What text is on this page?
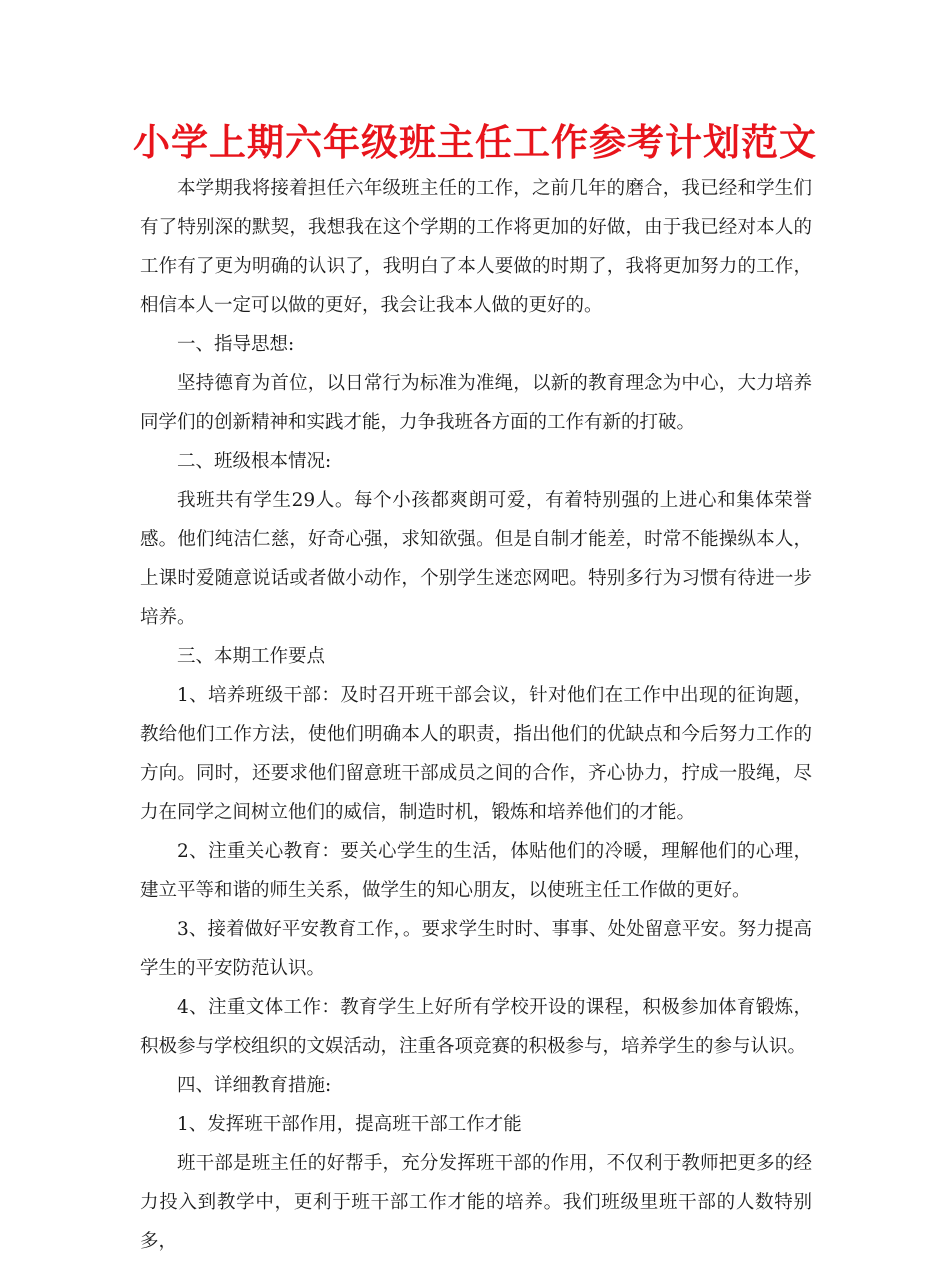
小学上期六年级班主任工作参考计划范文

本学期我将接着担任六年级班主任的工作，之前几年的磨合，我已经和学生们有了特别深的默契，我想我在这个学期的工作将更加的好做，由于我已经对本人的工作有了更为明确的认识了，我明白了本人要做的时期了，我将更加努力的工作，相信本人一定可以做的更好，我会让我本人做的更好的。

一、指导思想:

坚持德育为首位，以日常行为标准为准绳，以新的教育理念为中心，大力培养同学们的创新精神和实践才能，力争我班各方面的工作有新的打破。

二、班级根本情况:

我班共有学生29人。每个小孩都爽朗可爱，有着特别强的上进心和集体荣誉感。他们纯洁仁慈，好奇心强，求知欲强。但是自制才能差，时常不能操纵本人，上课时爱随意说话或者做小动作，个别学生迷恋网吧。特别多行为习惯有待进一步培养。

三、本期工作要点

1、培养班级干部：及时召开班干部会议，针对他们在工作中出现的征询题，教给他们工作方法，使他们明确本人的职责，指出他们的优缺点和今后努力工作的方向。同时，还要求他们留意班干部成员之间的合作，齐心协力，拧成一股绳，尽力在同学之间树立他们的威信，制造时机，锻炼和培养他们的才能。

2、注重关心教育：要关心学生的生活，体贴他们的冷暖，理解他们的心理，建立平等和谐的师生关系，做学生的知心朋友，以使班主任工作做的更好。

3、接着做好平安教育工作，。要求学生时时、事事、处处留意平安。努力提高学生的平安防范认识。

4、注重文体工作：教育学生上好所有学校开设的课程，积极参加体育锻炼，积极参与学校组织的文娱活动，注重各项竞赛的积极参与，培养学生的参与认识。

四、详细教育措施:

1、发挥班干部作用，提高班干部工作才能

班干部是班主任的好帮手，充分发挥班干部的作用，不仅利于教师把更多的经力投入到教学中，更利于班干部工作才能的培养。我们班级里班干部的人数特别多，
